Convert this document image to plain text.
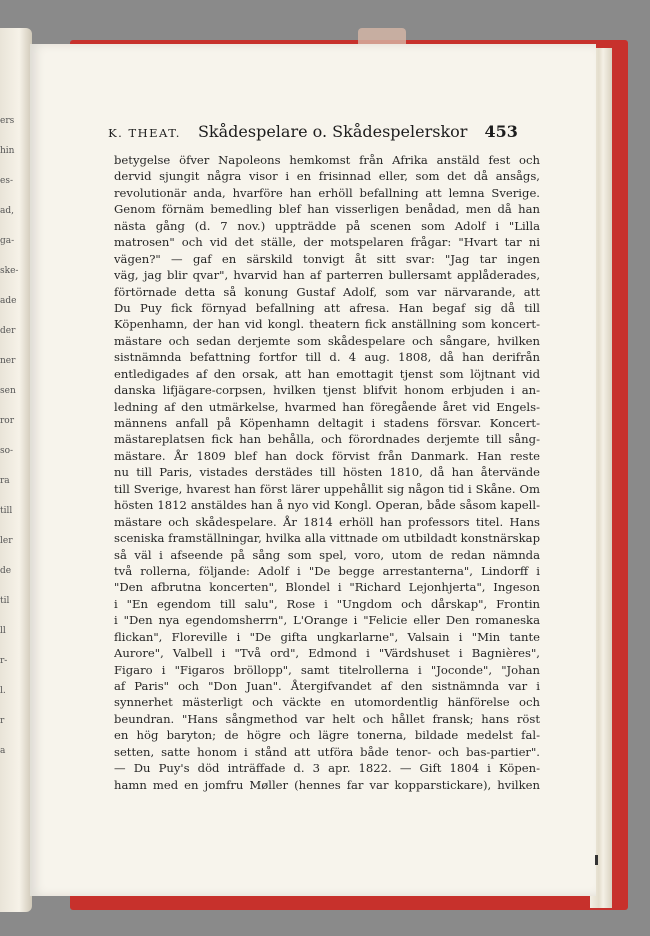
ers
hin
es-
ad,
ga-
ske-
ade
der
ner
sen
ror
so-
ra
till
ler
de
til
ll
r-
l.
r
a
K. THEAT. Skådespelare o. Skådespelerskor 453
betygelse öfver Napoleons hemkomst från Afrika anstäld fest och
dervid sjungit några visor i en frisinnad eller, som det då ansågs,
revolutionär anda, hvarföre han erhöll befallning att lemna Sverige.
Genom förnäm bemedling blef han visserligen benådad, men då han
nästa gång (d. 7 nov.) uppträdde på scenen som Adolf i "Lilla
matrosen" och vid det ställe, der motspelaren frågar: "Hvart tar ni
vägen?" — gaf en särskild tonvigt åt sitt svar: "Jag tar ingen
väg, jag blir qvar", hvarvid han af parterren bullersamt applåderades,
förtörnade detta så konung Gustaf Adolf, som var närvarande, att
Du Puy fick förnyad befallning att afresa. Han begaf sig då till
Köpenhamn, der han vid kongl. theatern fick anställning som koncert-
mästare och sedan derjemte som skådespelare och sångare, hvilken
sistnämnda befattning fortfor till d. 4 aug. 1808, då han derifrån
entledigades af den orsak, att han emottagit tjenst som löjtnant vid
danska lifjägare-corpsen, hvilken tjenst blifvit honom erbjuden i an-
ledning af den utmärkelse, hvarmed han föregående året vid Engels-
männens anfall på Köpenhamn deltagit i stadens försvar. Koncert-
mästareplatsen fick han behålla, och förordnades derjemte till sång-
mästare. År 1809 blef han dock förvist från Danmark. Han reste
nu till Paris, vistades derstädes till hösten 1810, då han återvände
till Sverige, hvarest han först lärer uppehållit sig någon tid i Skåne. Om
hösten 1812 anstäldes han å nyo vid Kongl. Operan, både såsom kapell-
mästare och skådespelare. År 1814 erhöll han professors titel. Hans
sceniska framställningar, hvilka alla vittnade om utbildadt konstnärskap
så väl i afseende på sång som spel, voro, utom de redan nämnda
två rollerna, följande: Adolf i "De begge arrestanterna", Lindorff i
"Den afbrutna koncerten", Blondel i "Richard Lejonhjerta", Ingeson
i "En egendom till salu", Rose i "Ungdom och dårskap", Frontin
i "Den nya egendomsherrn", L'Orange i "Felicie eller Den romaneska
flickan", Floreville i "De gifta ungkarlarne", Valsain i "Min tante
Aurore", Valbell i "Två ord", Edmond i "Värdshuset i Bagnières",
Figaro i "Figaros bröllopp", samt titelrollerna i "Joconde", "Johan
af Paris" och "Don Juan". Återgifvandet af den sistnämnda var i
synnerhet mästerligt och väckte en utomordentlig hänförelse och
beundran. "Hans sångmethod var helt och hållet fransk; hans röst
en hög baryton; de högre och lägre tonerna, bildade medelst fal-
setten, satte honom i stånd att utföra både tenor- och bas-partier".
— Du Puy's död inträffade d. 3 apr. 1822. — Gift 1804 i Köpen-
hamn med en jomfru Møller (hennes far var kopparstickare), hvilken
